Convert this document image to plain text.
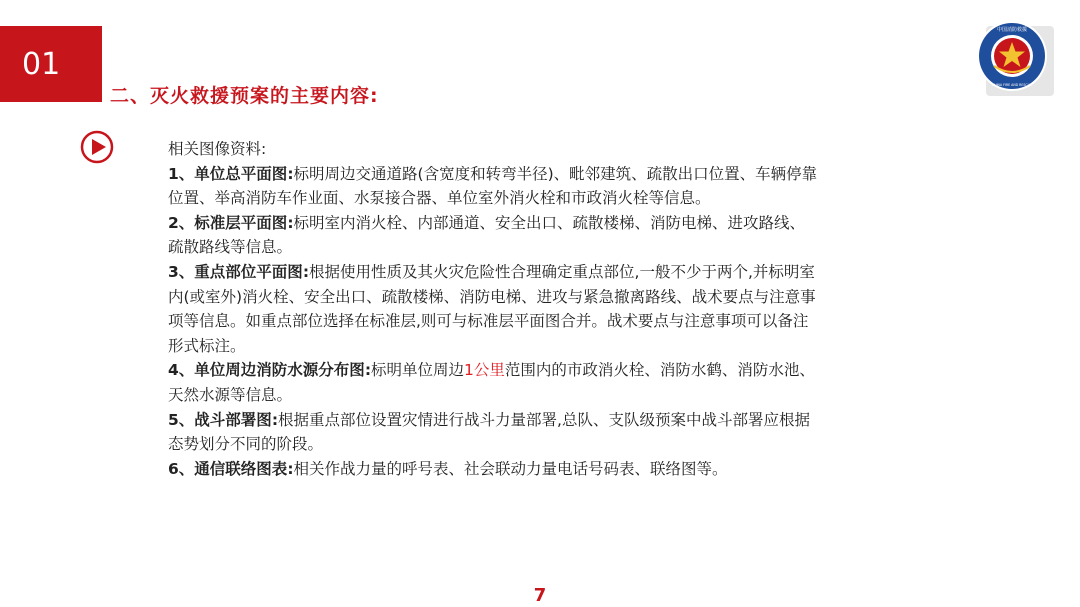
01
二、灭火救援预案的主要内容:
中国消防救援
CHINA FIRE AND RESCUE

相关图像资料:

1、单位总平面图:标明周边交通道路(含宽度和转弯半径)、毗邻建筑、疏散出口位置、车辆停靠位置、举高消防车作业面、水泵接合器、单位室外消火栓和市政消火栓等信息。

2、标准层平面图:标明室内消火栓、内部通道、安全出口、疏散楼梯、消防电梯、进攻路线、疏散路线等信息。

3、重点部位平面图:根据使用性质及其火灾危险性合理确定重点部位,一般不少于两个,并标明室内(或室外)消火栓、安全出口、疏散楼梯、消防电梯、进攻与紧急撤离路线、战术要点与注意事项等信息。如重点部位选择在标准层,则可与标准层平面图合并。战术要点与注意事项可以备注形式标注。

4、单位周边消防水源分布图:标明单位周边1公里范围内的市政消火栓、消防水鹤、消防水池、天然水源等信息。

5、战斗部署图:根据重点部位设置灾情进行战斗力量部署,总队、支队级预案中战斗部署应根据态势划分不同的阶段。

6、通信联络图表:相关作战力量的呼号表、社会联动力量电话号码表、联络图等。

7
